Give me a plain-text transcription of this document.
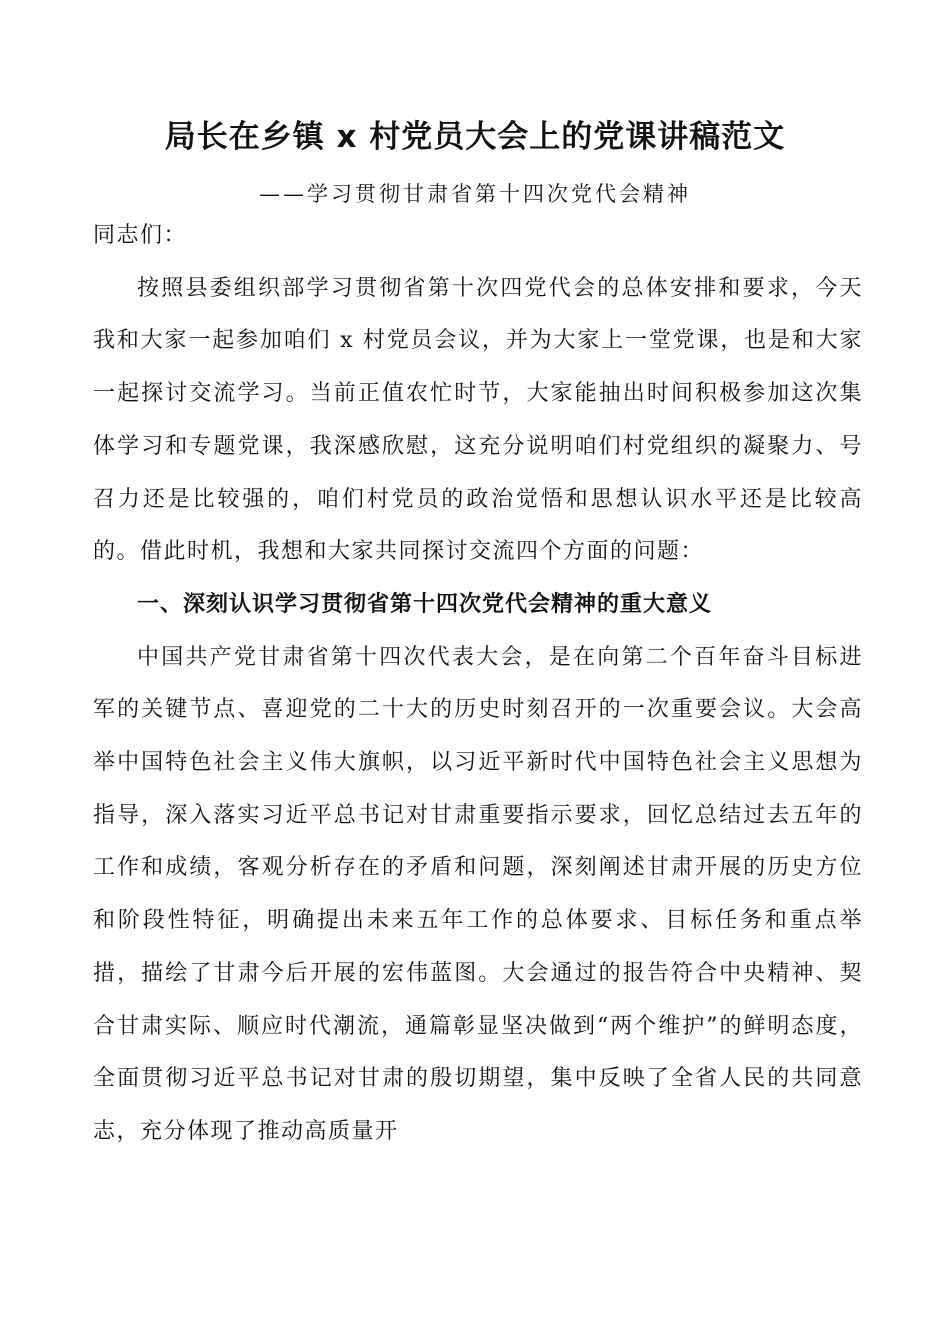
局长在乡镇 x 村党员大会上的党课讲稿范文
——学习贯彻甘肃省第十四次党代会精神

同志们：

按照县委组织部学习贯彻省第十次四党代会的总体安排和要求，今天我和大家一起参加咱们 x 村党员会议，并为大家上一堂党课，也是和大家一起探讨交流学习。当前正值农忙时节，大家能抽出时间积极参加这次集体学习和专题党课，我深感欣慰，这充分说明咱们村党组织的凝聚力、号召力还是比较强的，咱们村党员的政治觉悟和思想认识水平还是比较高的。借此时机，我想和大家共同探讨交流四个方面的问题：

一、深刻认识学习贯彻省第十四次党代会精神的重大意义

中国共产党甘肃省第十四次代表大会，是在向第二个百年奋斗目标进军的关键节点、喜迎党的二十大的历史时刻召开的一次重要会议。大会高举中国特色社会主义伟大旗帜，以习近平新时代中国特色社会主义思想为指导，深入落实习近平总书记对甘肃重要指示要求，回忆总结过去五年的工作和成绩，客观分析存在的矛盾和问题，深刻阐述甘肃开展的历史方位和阶段性特征，明确提出未来五年工作的总体要求、目标任务和重点举措，描绘了甘肃今后开展的宏伟蓝图。大会通过的报告符合中央精神、契合甘肃实际、顺应时代潮流，通篇彰显坚决做到“两个维护”的鲜明态度，全面贯彻习近平总书记对甘肃的殷切期望，集中反映了全省人民的共同意志，充分体现了推动高质量开
